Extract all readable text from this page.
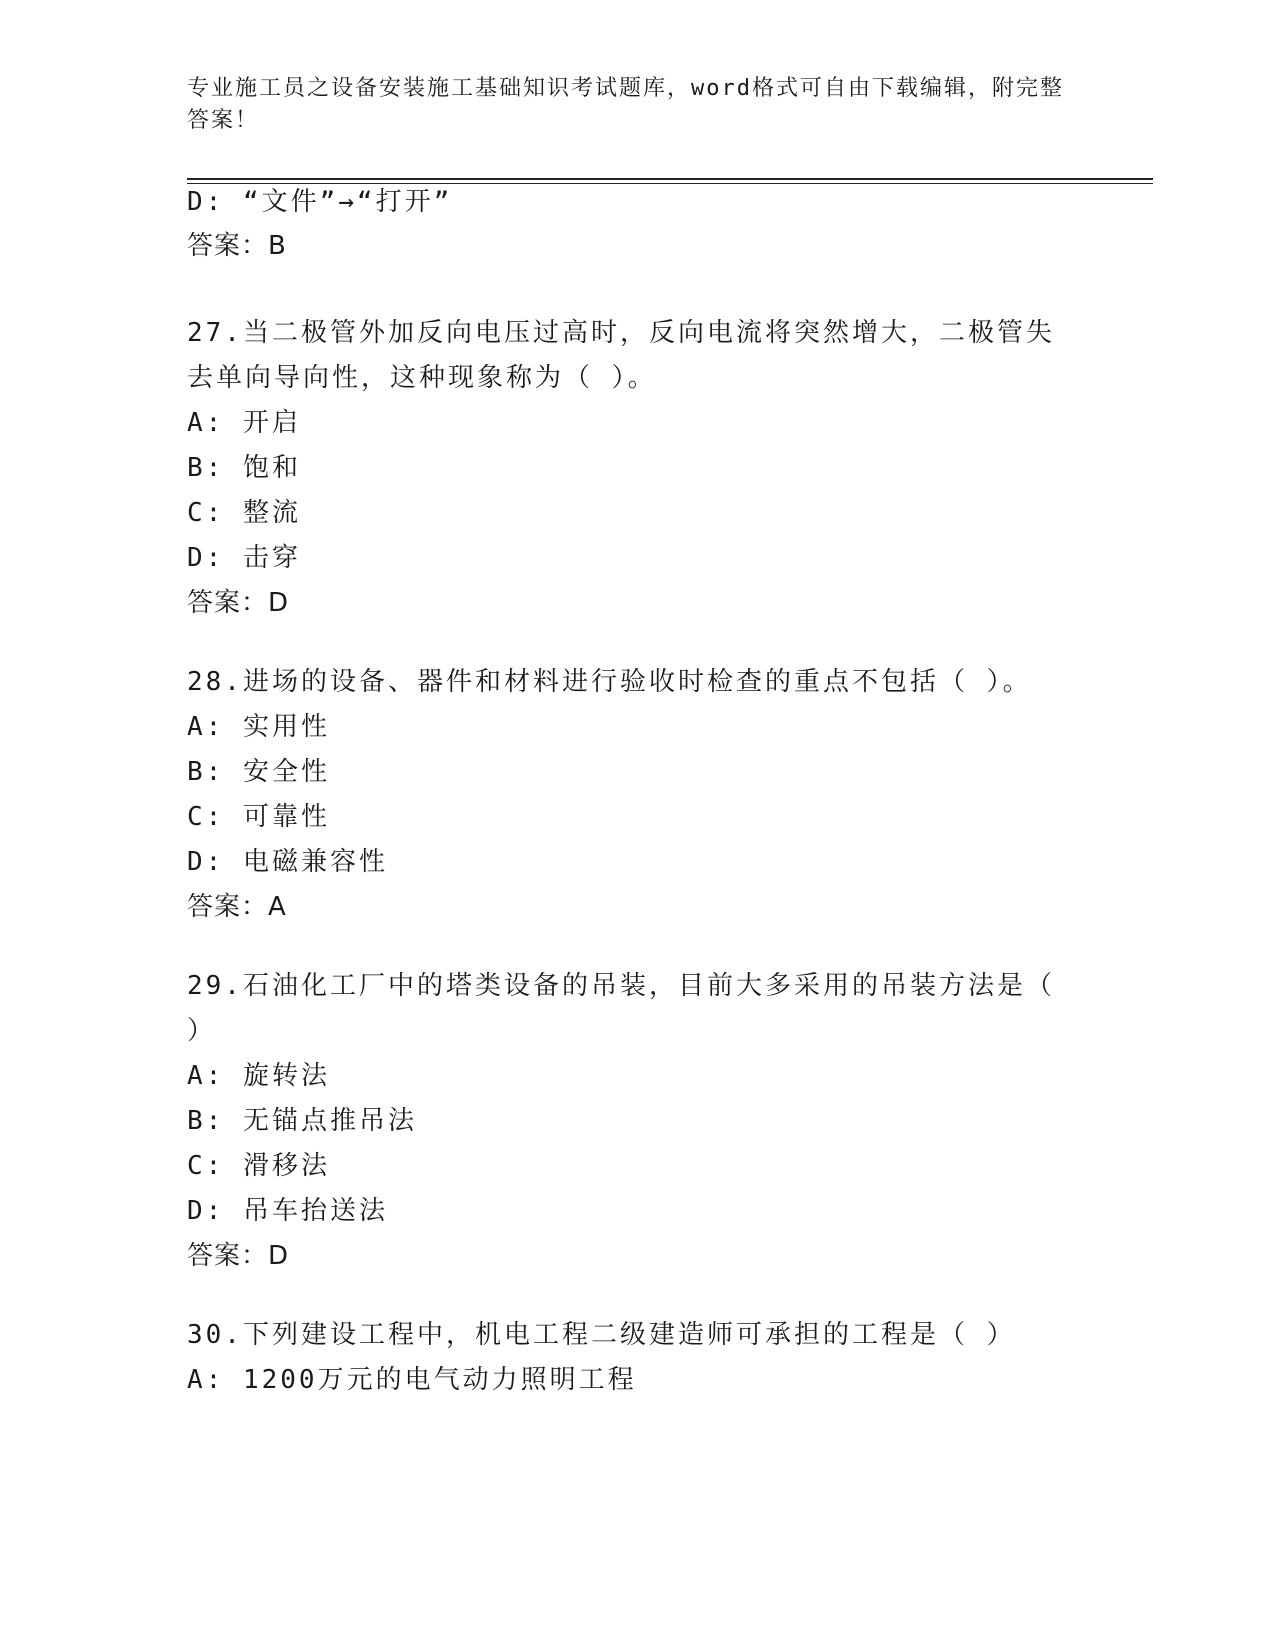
专业施工员之设备安装施工基础知识考试题库，word格式可自由下载编辑，附完整答案！
D: “文件”→“打开”
答案：B
27.当二极管外加反向电压过高时，反向电流将突然增大，二极管失去单向导向性，这种现象称为（ ）。
A: 开启
B: 饱和
C: 整流
D: 击穿
答案：D
28.进场的设备、器件和材料进行验收时检查的重点不包括（ ）。
A: 实用性
B: 安全性
C: 可靠性
D: 电磁兼容性
答案：A
29.石油化工厂中的塔类设备的吊装，目前大多采用的吊装方法是（ ）
A: 旋转法
B: 无锚点推吊法
C: 滑移法
D: 吊车抬送法
答案：D
30.下列建设工程中，机电工程二级建造师可承担的工程是（ ）
A: 1200万元的电气动力照明工程
